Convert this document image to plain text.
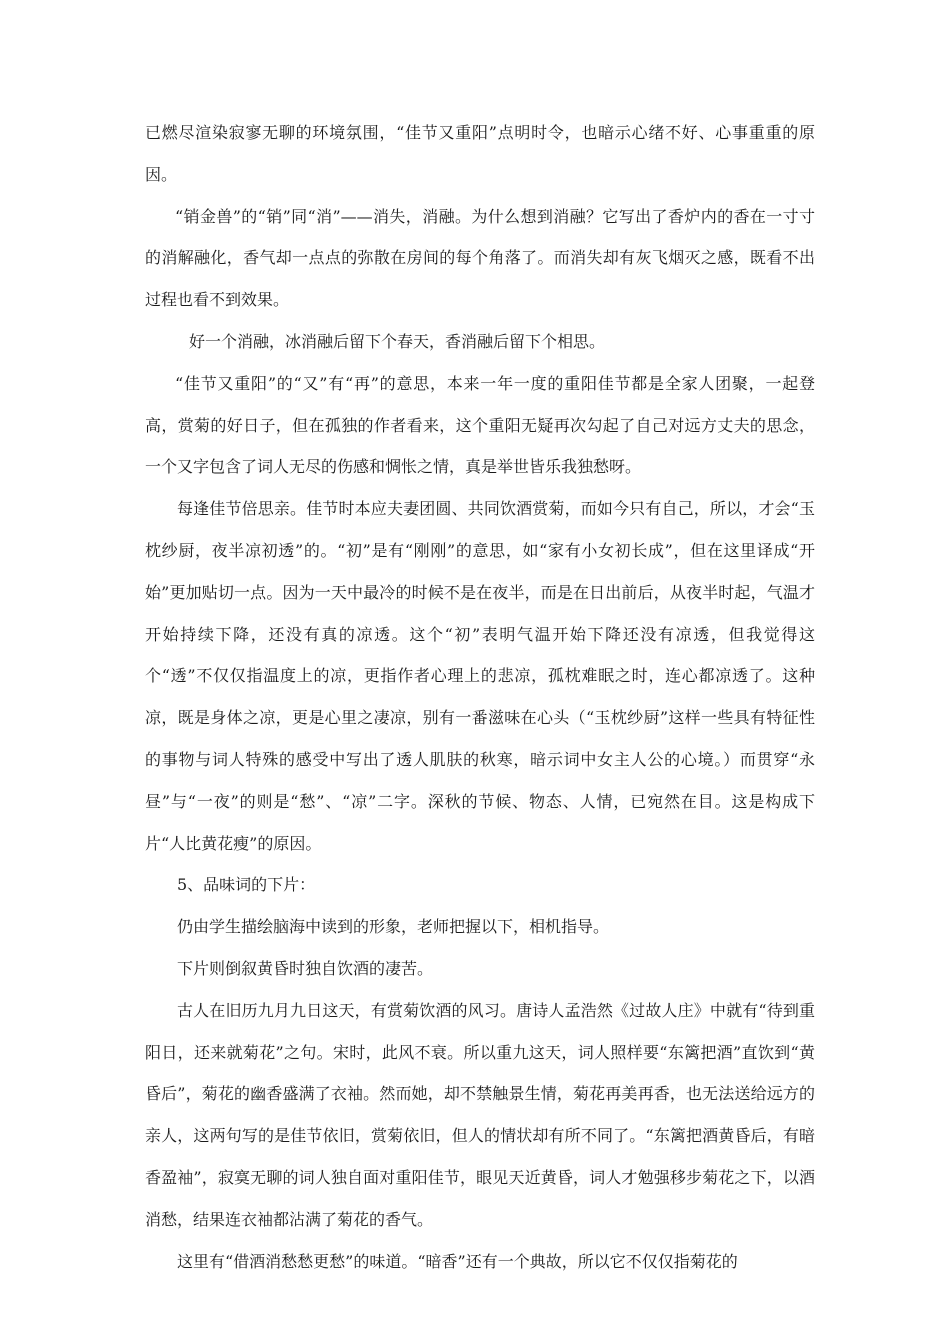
已燃尽渲染寂寥无聊的环境氛围，“佳节又重阳”点明时令，也暗示心绪不好、心事重重的原因。

“销金兽”的“销”同“消”——消失，消融。为什么想到消融？它写出了香炉内的香在一寸寸的消解融化，香气却一点点的弥散在房间的每个角落了。而消失却有灰飞烟灭之感，既看不出过程也看不到效果。

好一个消融，冰消融后留下个春天，香消融后留下个相思。

“佳节又重阳”的“又”有“再”的意思，本来一年一度的重阳佳节都是全家人团聚，一起登高，赏菊的好日子，但在孤独的作者看来，这个重阳无疑再次勾起了自己对远方丈夫的思念，一个又字包含了词人无尽的伤感和惆怅之情，真是举世皆乐我独愁呀。

每逢佳节倍思亲。佳节时本应夫妻团圆、共同饮酒赏菊，而如今只有自己，所以，才会“玉枕纱厨，夜半凉初透”的。“初”是有“刚刚”的意思，如“家有小女初长成”，但在这里译成“开始”更加贴切一点。因为一天中最冷的时候不是在夜半，而是在日出前后，从夜半时起，气温才开始持续下降，还没有真的凉透。这个“初”表明气温开始下降还没有凉透，但我觉得这个“透”不仅仅指温度上的凉，更指作者心理上的悲凉，孤枕难眠之时，连心都凉透了。这种凉，既是身体之凉，更是心里之凄凉，别有一番滋味在心头（“玉枕纱厨”这样一些具有特征性的事物与词人特殊的感受中写出了透人肌肤的秋寒，暗示词中女主人公的心境。）而贯穿“永昼”与“一夜”的则是“愁”、“凉”二字。深秋的节候、物态、人情，已宛然在目。这是构成下片“人比黄花瘦”的原因。

5、品味词的下片：

仍由学生描绘脑海中读到的形象，老师把握以下，相机指导。

下片则倒叙黄昏时独自饮酒的凄苦。

古人在旧历九月九日这天，有赏菊饮酒的风习。唐诗人孟浩然《过故人庄》中就有“待到重阳日，还来就菊花”之句。宋时，此风不衰。所以重九这天，词人照样要“东篱把酒”直饮到“黄昏后”，菊花的幽香盛满了衣袖。然而她，却不禁触景生情，菊花再美再香，也无法送给远方的亲人，这两句写的是佳节依旧，赏菊依旧，但人的情状却有所不同了。“东篱把酒黄昏后，有暗香盈袖”，寂寞无聊的词人独自面对重阳佳节，眼见天近黄昏，词人才勉强移步菊花之下，以酒消愁，结果连衣袖都沾满了菊花的香气。

这里有“借酒消愁愁更愁”的味道。“暗香”还有一个典故，所以它不仅仅指菊花的
